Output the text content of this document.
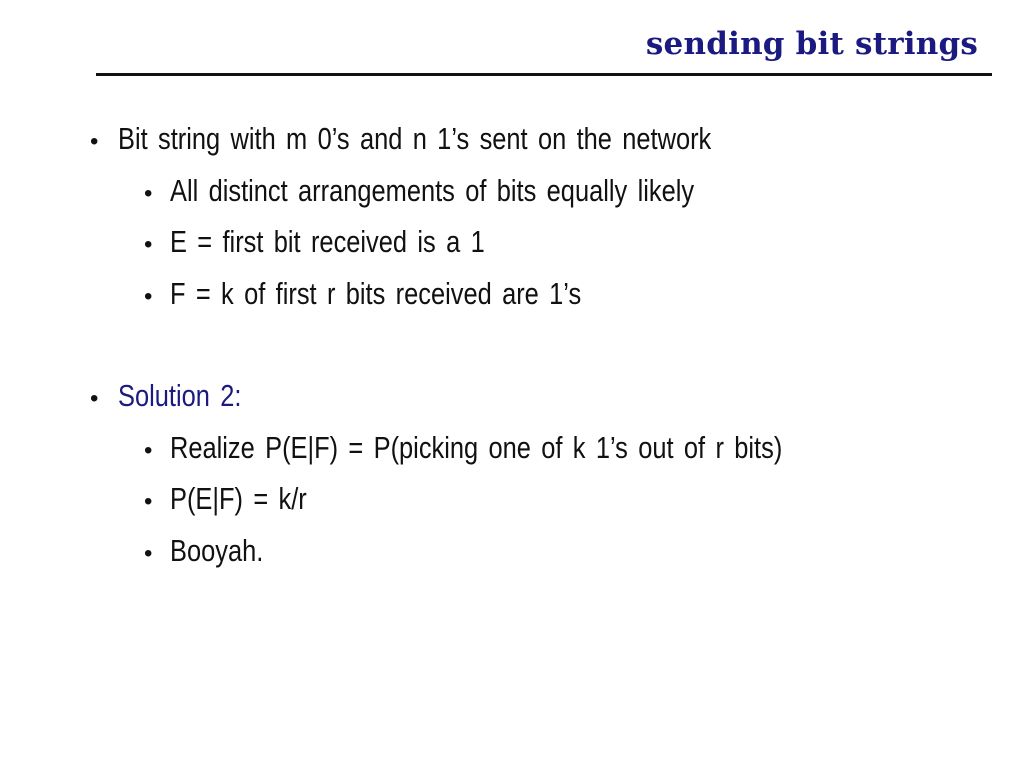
sending bit strings
• Bit string with m 0’s and n 1’s sent on the network
• All distinct arrangements of bits equally likely
• E = first bit received is a 1
• F = k of first r bits received are 1’s
• Solution 2:
• Realize P(E|F) = P(picking one of k 1’s out of r bits)
• P(E|F) = k/r
• Booyah.
